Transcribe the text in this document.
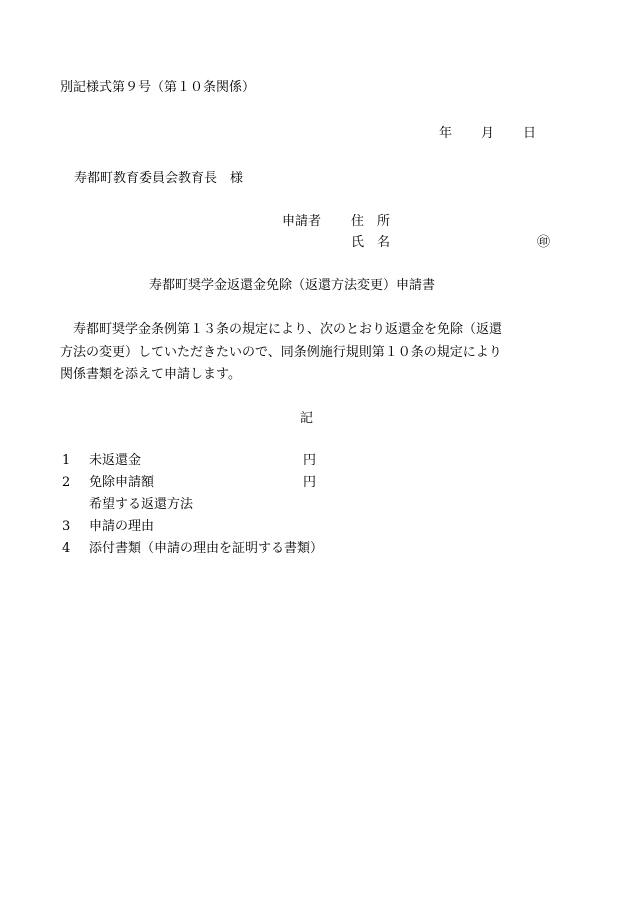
別記様式第９号（第１０条関係）
年 月 日
寿都町教育委員会教育長　様
申請者 住　所
氏　名	㊞
寿都町奨学金返還金免除（返還方法変更）申請書
　寿都町奨学金条例第１３条の規定により、次のとおり返還金を免除（返還
方法の変更）していただきたいので、同条例施行規則第１０条の規定により
関係書類を添えて申請します。
記
1 未返還金	円
2 免除申請額	円
希望する返還方法
3 申請の理由
4 添付書類（申請の理由を証明する書類）
